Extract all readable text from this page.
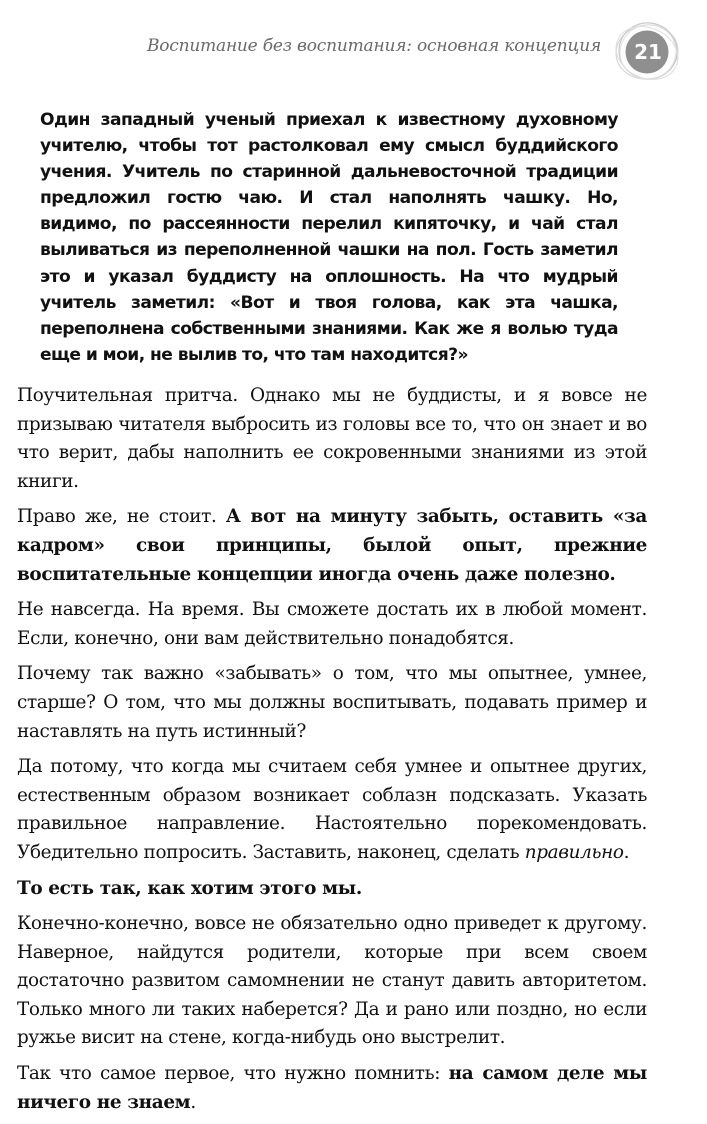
Воспитание без воспитания: основная концепция	21

Один западный ученый приехал к известному духовному учителю, чтобы тот растолковал ему смысл буддийского учения. Учитель по старинной дальневосточной традиции предложил гостю чаю. И стал наполнять чашку. Но, видимо, по рассеянности перелил кипяточку, и чай стал выливаться из переполненной чашки на пол. Гость заметил это и указал буддисту на оплошность. На что мудрый учитель заметил: «Вот и твоя голова, как эта чашка, переполнена собственными знаниями. Как же я волью туда еще и мои, не вылив то, что там находится?»

Поучительная притча. Однако мы не буддисты, и я вовсе не призываю читателя выбросить из головы все то, что он знает и во что верит, дабы наполнить ее сокровенными знаниями из этой книги.

Право же, не стоит. А вот на минуту забыть, оставить «за кадром» свои принципы, былой опыт, прежние воспитательные концепции иногда очень даже полезно.

Не навсегда. На время. Вы сможете достать их в любой момент. Если, конечно, они вам действительно понадобятся.

Почему так важно «забывать» о том, что мы опытнее, умнее, старше? О том, что мы должны воспитывать, подавать пример и наставлять на путь истинный?

Да потому, что когда мы считаем себя умнее и опытнее других, естественным образом возникает соблазн подсказать. Указать правильное направление. Настоятельно порекомендовать. Убедительно попросить. Заставить, наконец, сделать правильно.

То есть так, как хотим этого мы.

Конечно-конечно, вовсе не обязательно одно приведет к другому. Наверное, найдутся родители, которые при всем своем достаточно развитом самомнении не станут давить авторитетом. Только много ли таких наберется? Да и рано или поздно, но если ружье висит на стене, когда-нибудь оно выстрелит.

Так что самое первое, что нужно помнить: на самом деле мы ничего не знаем.
